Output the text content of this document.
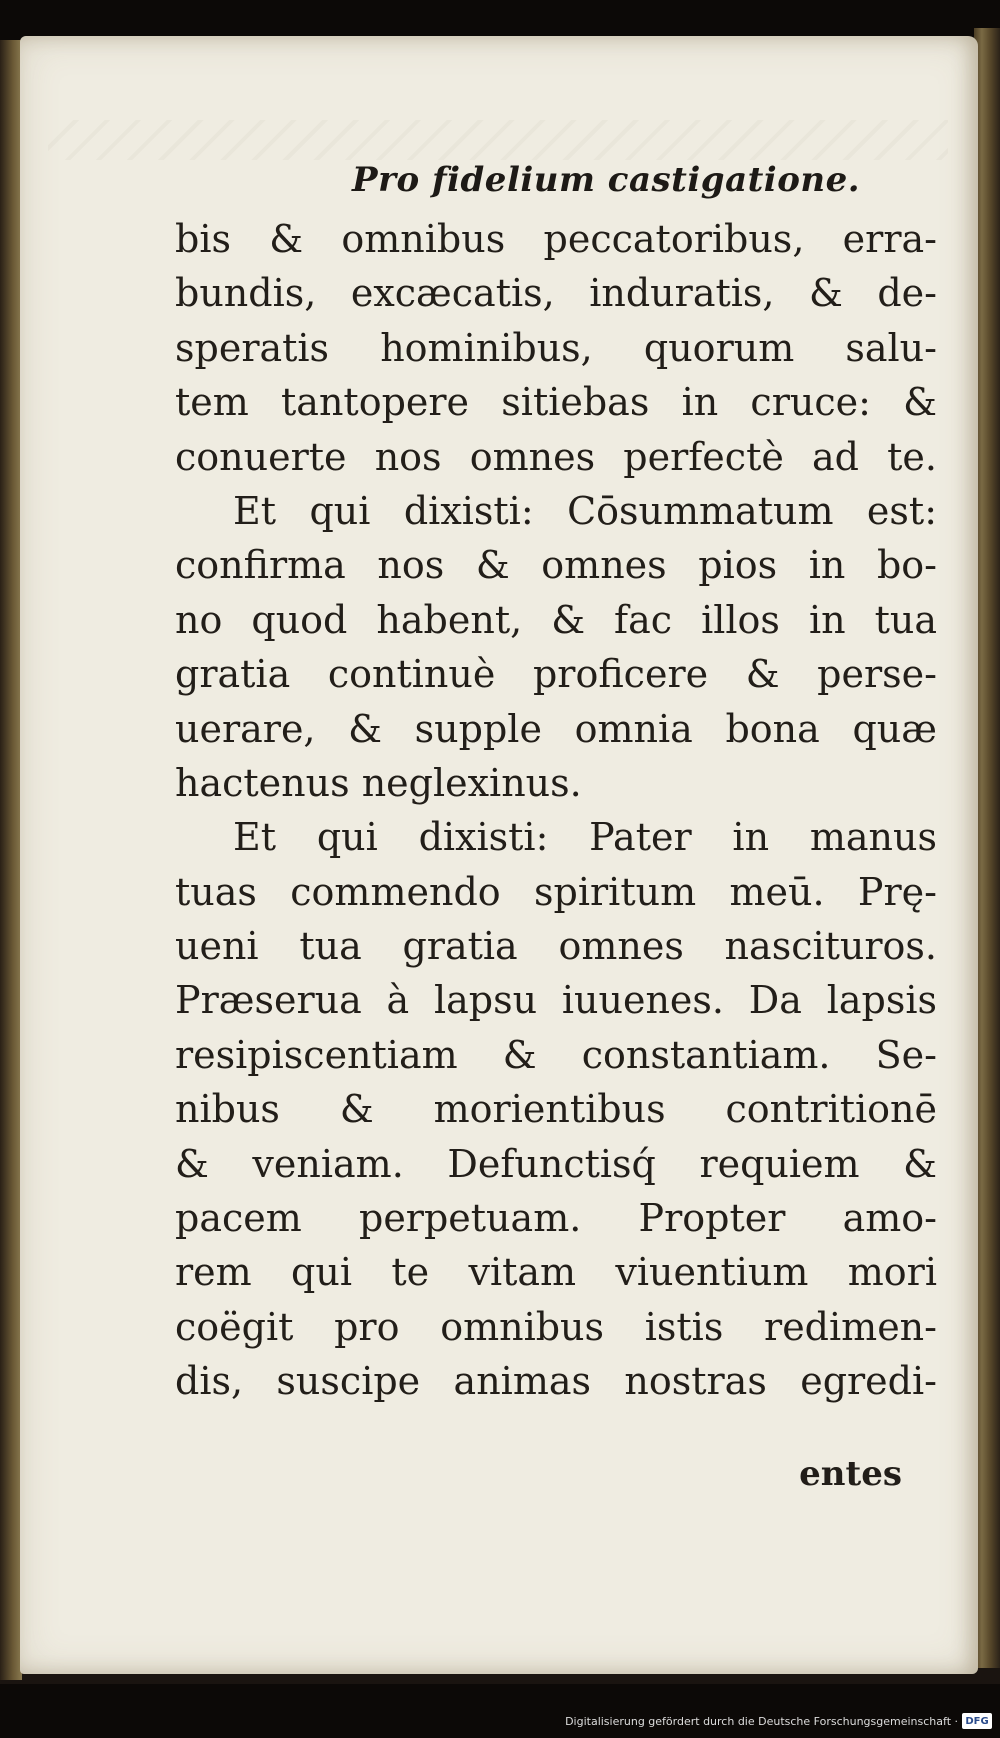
Pro fidelium castigatione.
bis & omnibus peccatoribus, erra-
bundis, excæcatis, induratis, & de-
speratis hominibus, quorum salu-
tem tantopere sitiebas in cruce: &
conuerte nos omnes perfectè ad te.
Et qui dixisti: Cōsummatum est:
confirma nos & omnes pios in bo-
no quod habent, & fac illos in tua
gratia continuè proficere & perse-
uerare, & supple omnia bona quæ
hactenus neglexinus.
Et qui dixisti: Pater in manus
tuas commendo spiritum meū. Prę-
ueni tua gratia omnes nascituros.
Præserua à lapsu iuuenes. Da lapsis
resipiscentiam & constantiam. Se-
nibus & morientibus contritionē
& veniam. Defunctisq́ requiem &
pacem perpetuam. Propter amo-
rem qui te vitam viuentium mori
coëgit pro omnibus istis redimen-
dis, suscipe animas nostras egredi-
entes
Digitalisierung gefördert durch die Deutsche Forschungsgemeinschaft · DFG
